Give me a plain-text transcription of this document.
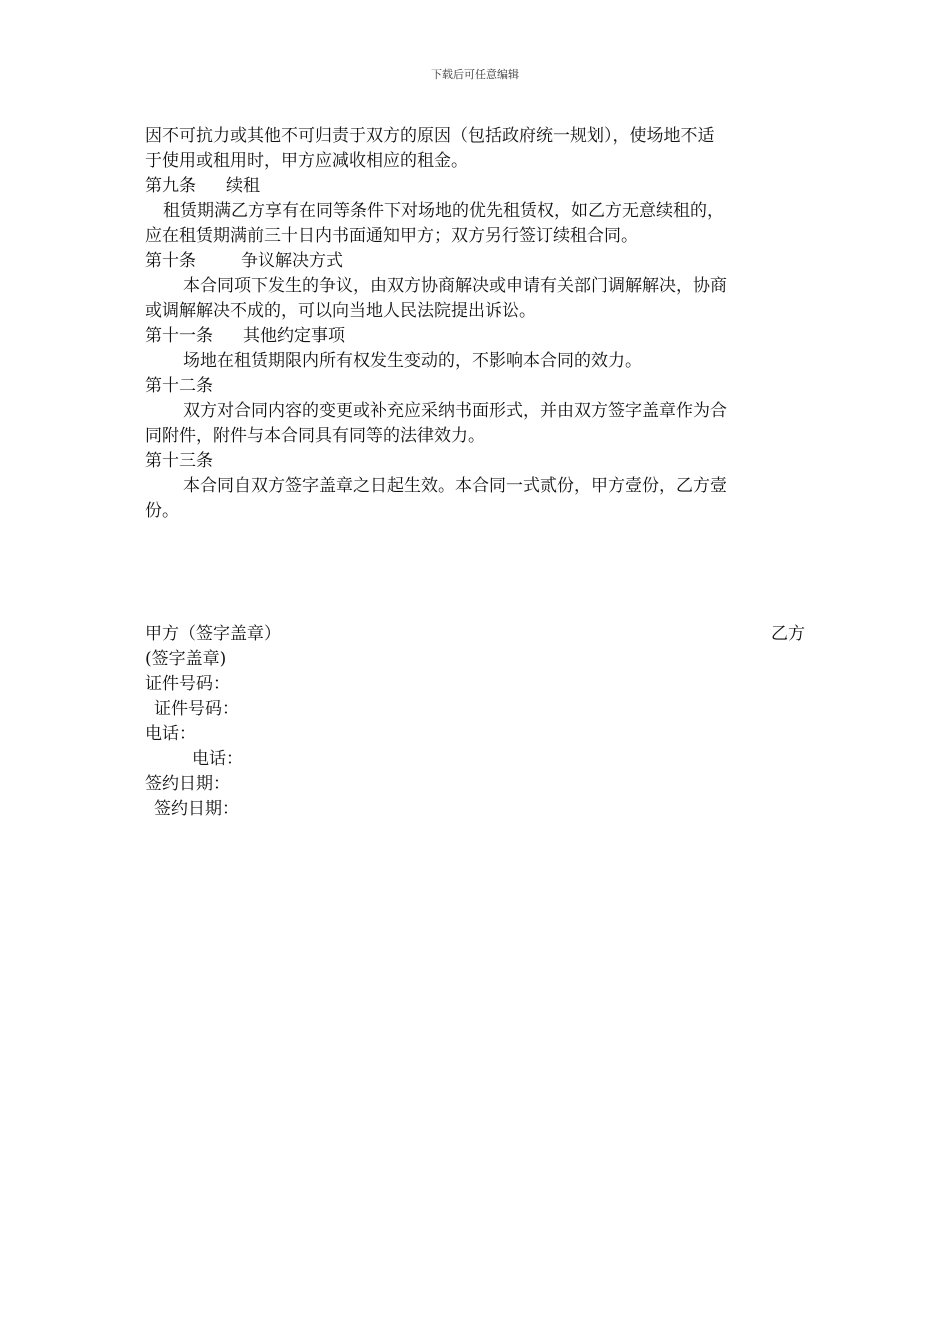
下载后可任意编辑
因不可抗力或其他不可归责于双方的原因（包括政府统一规划），使场地不适
于使用或租用时，甲方应减收相应的租金。
第九条 续租
租赁期满乙方享有在同等条件下对场地的优先租赁权，如乙方无意续租的，
应在租赁期满前三十日内书面通知甲方；双方另行签订续租合同。
第十条	争议解决方式
本合同项下发生的争议，由双方协商解决或申请有关部门调解解决，协商
或调解解决不成的，可以向当地人民法院提出诉讼。
第十一条 其他约定事项
场地在租赁期限内所有权发生变动的，不影响本合同的效力。
第十二条
双方对合同内容的变更或补充应采纳书面形式，并由双方签字盖章作为合
同附件，附件与本合同具有同等的法律效力。
第十三条
本合同自双方签字盖章之日起生效。本合同一式贰份，甲方壹份，乙方壹
份。
甲方（签字盖章）	乙方
(签字盖章)
证件号码：
证件号码：
电话：
电话：
签约日期：
签约日期：
